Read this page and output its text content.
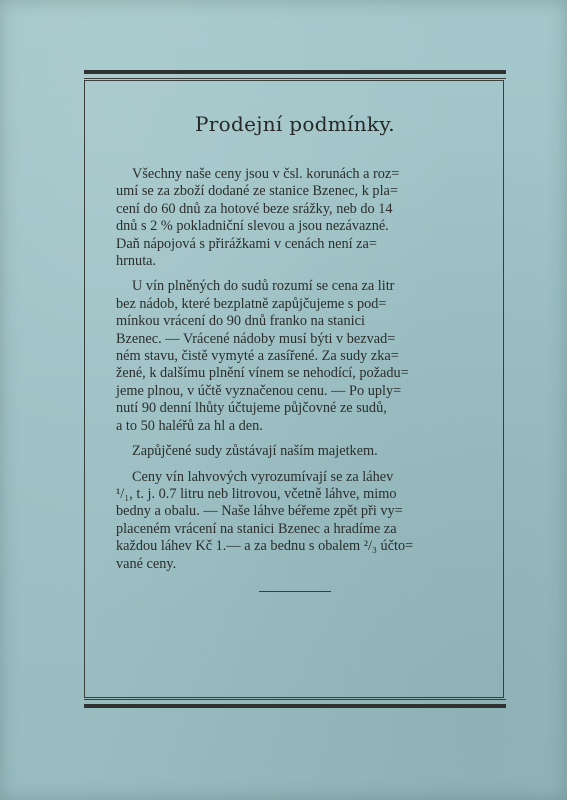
Prodejní podmínky.

Všechny naše ceny jsou v čsl. korunách a roz=
umí se za zboží dodané ze stanice Bzenec, k pla=
cení do 60 dnů za hotové beze srážky, neb do 14
dnů s 2 % pokladniční slevou a jsou nezávazné.
Daň nápojová s přirážkami v cenách není za=
hrnuta.

U vín plněných do sudů rozumí se cena za litr
bez nádob, které bezplatně zapůjčujeme s pod=
mínkou vrácení do 90 dnů franko na stanici
Bzenec. — Vrácené nádoby musí býti v bezvad=
ném stavu, čistě vymyté a zasířené. Za sudy zka=
žené, k dalšímu plnění vínem se nehodící, požadu=
jeme plnou, v účtě vyznačenou cenu. — Po uply=
nutí 90 denní lhůty účtujeme půjčovné ze sudů,
a to 50 haléřů za hl a den.

Zapůjčené sudy zůstávají naším majetkem.

Ceny vín lahvových vyrozumívají se za láhev
¹/₁, t. j. 0.7 litru neb litrovou, včetně láhve, mimo
bedny a obalu. — Naše láhve béřeme zpět při vy=
placeném vrácení na stanici Bzenec a hradíme za
každou láhev Kč 1.— a za bednu s obalem ²/₃ účto=
vané ceny.
